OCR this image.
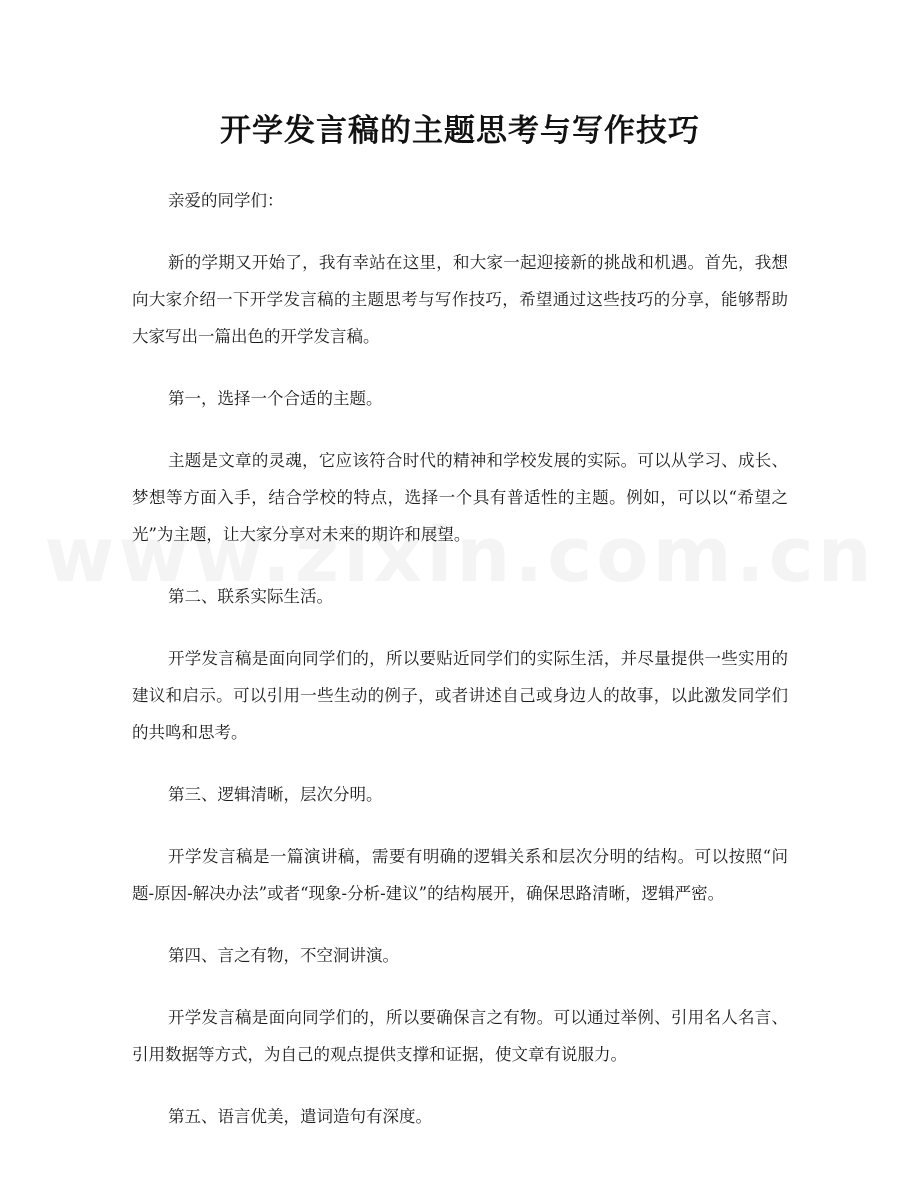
开学发言稿的主题思考与写作技巧

亲爱的同学们：

新的学期又开始了，我有幸站在这里，和大家一起迎接新的挑战和机遇。首先，我想向大家介绍一下开学发言稿的主题思考与写作技巧，希望通过这些技巧的分享，能够帮助大家写出一篇出色的开学发言稿。

第一，选择一个合适的主题。

主题是文章的灵魂，它应该符合时代的精神和学校发展的实际。可以从学习、成长、梦想等方面入手，结合学校的特点，选择一个具有普适性的主题。例如，可以以“希望之光”为主题，让大家分享对未来的期许和展望。

第二、联系实际生活。

开学发言稿是面向同学们的，所以要贴近同学们的实际生活，并尽量提供一些实用的建议和启示。可以引用一些生动的例子，或者讲述自己或身边人的故事，以此激发同学们的共鸣和思考。

第三、逻辑清晰，层次分明。

开学发言稿是一篇演讲稿，需要有明确的逻辑关系和层次分明的结构。可以按照“问题-原因-解决办法”或者“现象-分析-建议”的结构展开，确保思路清晰，逻辑严密。

第四、言之有物，不空洞讲演。

开学发言稿是面向同学们的，所以要确保言之有物。可以通过举例、引用名人名言、引用数据等方式，为自己的观点提供支撑和证据，使文章有说服力。

第五、语言优美，遣词造句有深度。
